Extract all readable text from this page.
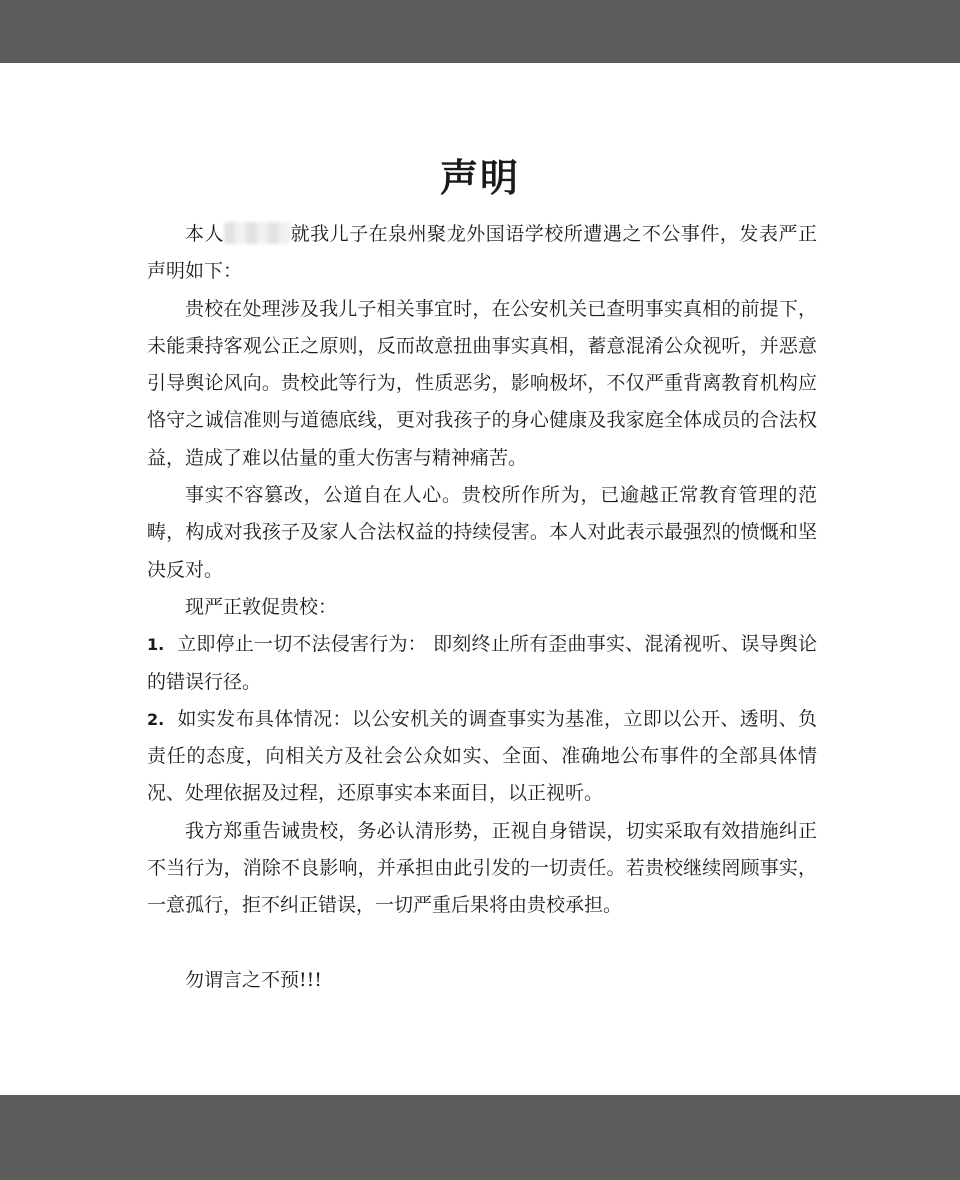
声明

本人	就我儿子在泉州聚龙外国语学校所遭遇之不公事件，发表严正声明如下：

贵校在处理涉及我儿子相关事宜时，在公安机关已查明事实真相的前提下，未能秉持客观公正之原则，反而故意扭曲事实真相，蓄意混淆公众视听，并恶意引导舆论风向。贵校此等行为，性质恶劣，影响极坏，不仅严重背离教育机构应恪守之诚信准则与道德底线，更对我孩子的身心健康及我家庭全体成员的合法权益，造成了难以估量的重大伤害与精神痛苦。

事实不容篡改，公道自在人心。贵校所作所为，已逾越正常教育管理的范畴，构成对我孩子及家人合法权益的持续侵害。本人对此表示最强烈的愤慨和坚决反对。

现严正敦促贵校：

1. 立即停止一切不法侵害行为： 即刻终止所有歪曲事实、混淆视听、误导舆论的错误行径。

2. 如实发布具体情况：以公安机关的调查事实为基准，立即以公开、透明、负责任的态度，向相关方及社会公众如实、全面、准确地公布事件的全部具体情况、处理依据及过程，还原事实本来面目，以正视听。

我方郑重告诫贵校，务必认清形势，正视自身错误，切实采取有效措施纠正不当行为，消除不良影响，并承担由此引发的一切责任。若贵校继续罔顾事实，一意孤行，拒不纠正错误，一切严重后果将由贵校承担。

勿谓言之不预!!!
